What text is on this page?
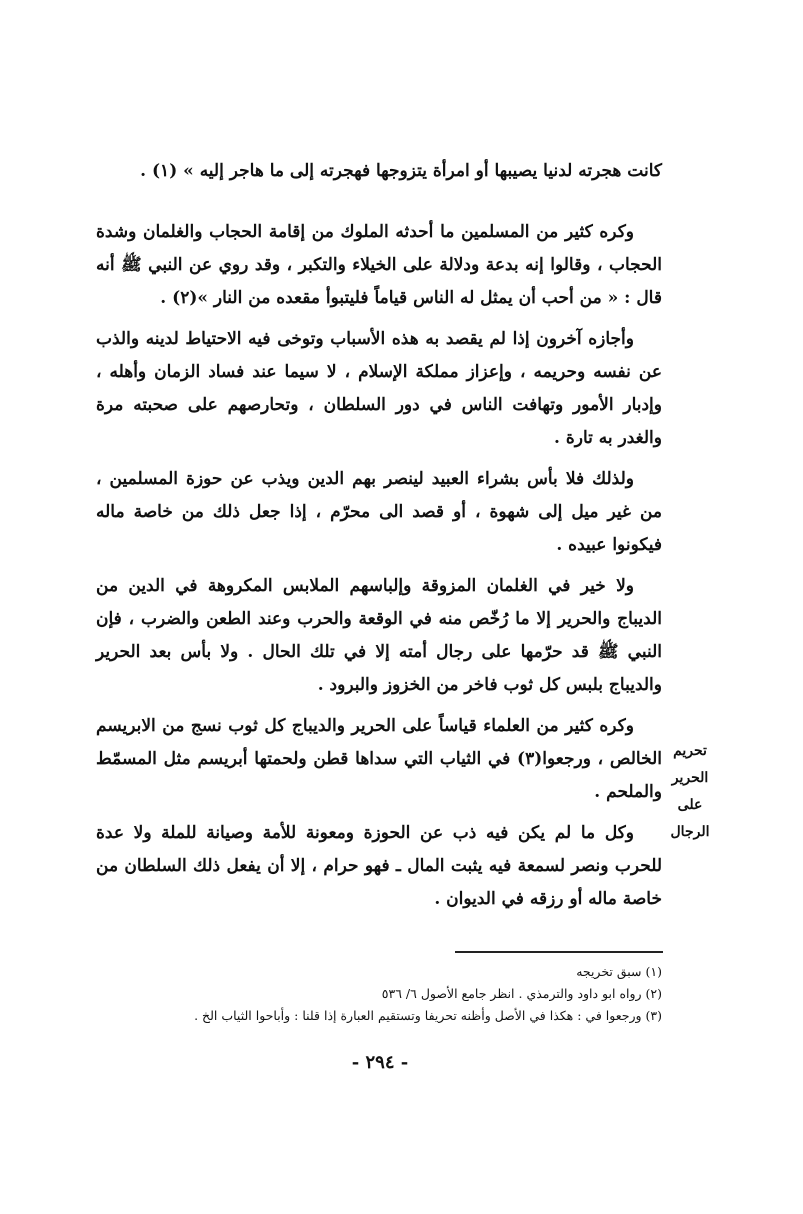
كانت هجرته لدنيا يصيبها أو امرأة يتزوجها فهجرته إلى ما هاجر إليه » (١) .

وكره كثير من المسلمين ما أحدثه الملوك من إقامة الحجاب والغلمان وشدة الحجاب ، وقالوا إنه بدعة ودلالة على الخيلاء والتكبر ، وقد روي عن النبي ﷺ أنه قال : « من أحب أن يمثل له الناس قياماً فليتبوأ مقعده من النار »(٢) .

وأجازه آخرون إذا لم يقصد به هذه الأسباب وتوخى فيه الاحتياط لدينه والذب عن نفسه وحريمه ، وإعزاز مملكة الإسلام ، لا سيما عند فساد الزمان وأهله ، وإدبار الأمور وتهافت الناس في دور السلطان ، وتحارصهم على صحبته مرة والغدر به تارة .

ولذلك فلا بأس بشراء العبيد لينصر بهم الدين ويذب عن حوزة المسلمين ، من غير ميل إلى شهوة ، أو قصد الى محرّم ، إذا جعل ذلك من خاصة ماله فيكونوا عبيده .

ولا خير في الغلمان المزوقة وإلباسهم الملابس المكروهة في الدين من الديباج والحرير إلا ما رُخّص منه في الوقعة والحرب وعند الطعن والضرب ، فإن النبي ﷺ قد حرّمها على رجال أمته إلا في تلك الحال . ولا بأس بعد الحرير والديباج بلبس كل ثوب فاخر من الخزوز والبرود .

وكره كثير من العلماء قياساً على الحرير والديباج كل ثوب نسج من الابريسم الخالص ، ورجعوا(٣) في الثياب التي سداها قطن ولحمتها أبريسم مثل المسمّط والملحم .

وكل ما لم يكن فيه ذب عن الحوزة ومعونة للأمة وصيانة للملة ولا عدة للحرب ونصر لسمعة فيه يثبت المال ـ فهو حرام ، إلا أن يفعل ذلك السلطان من خاصة ماله أو رزقه في الديوان .

تحريم الحرير على الرجال
(١) سبق تخريجه
(٢) رواه ابو داود والترمذي . انظر جامع الأصول ٦/ ٥٣٦
(٣) ورجعوا في : هكذا في الأصل وأظنه تحريفا وتستقيم العبارة إذا قلنا : وأباحوا الثياب الخ .
- ٢٩٤ -
